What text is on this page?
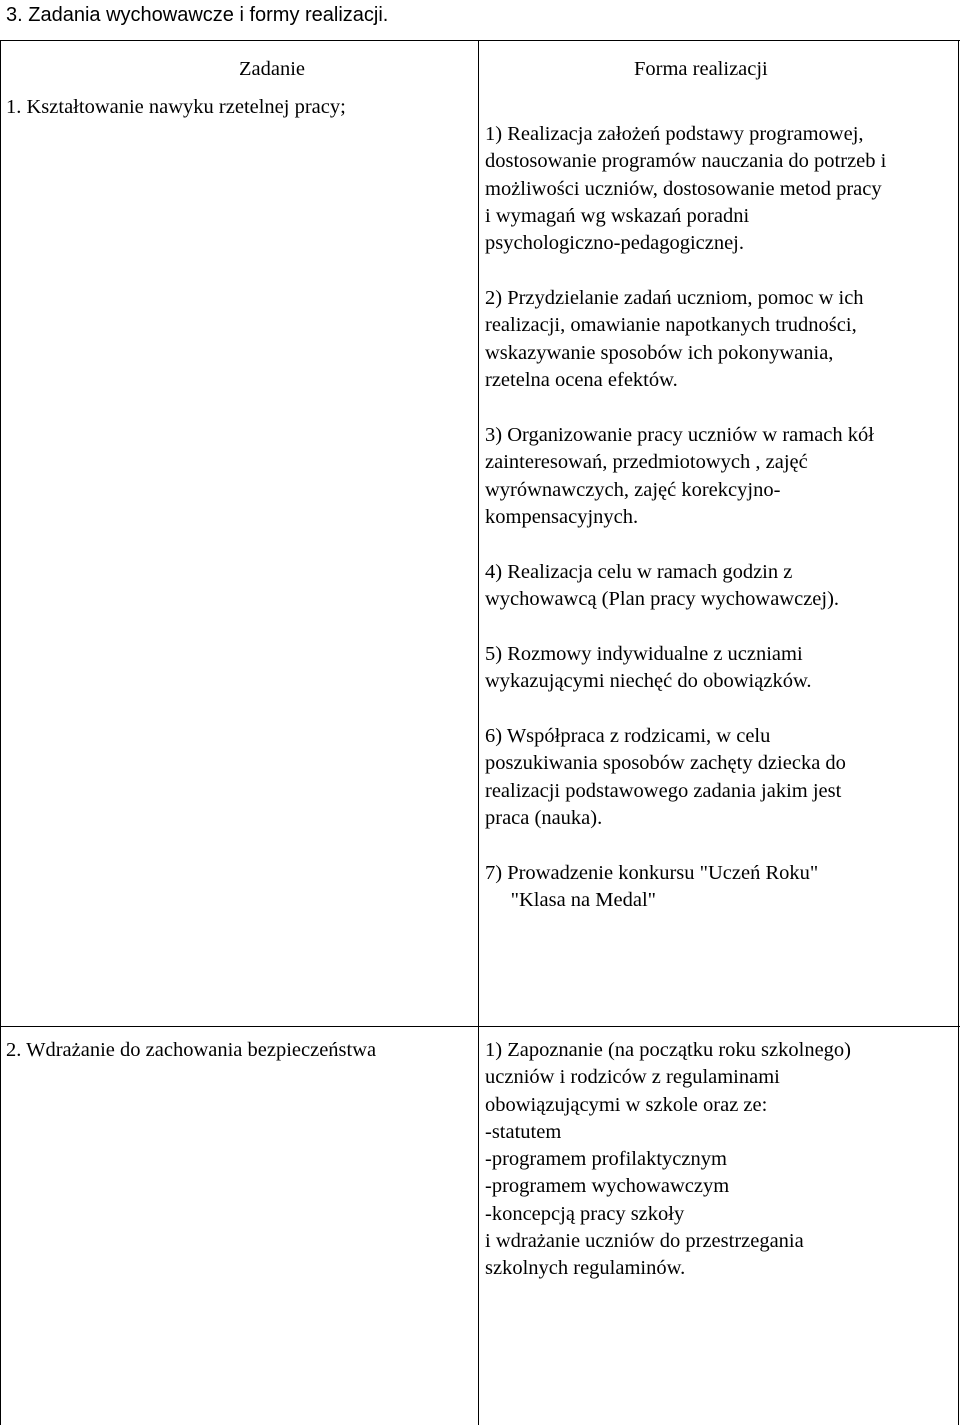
3. Zadania wychowawcze i formy realizacji.
Zadanie	Forma realizacji
1. Kształtowanie nawyku rzetelnej pracy;
1) Realizacja założeń podstawy programowej,
dostosowanie programów nauczania do potrzeb i
możliwości uczniów, dostosowanie metod pracy
i wymagań wg wskazań poradni
psychologiczno-pedagogicznej.
2) Przydzielanie zadań uczniom, pomoc w ich
realizacji, omawianie napotkanych trudności,
wskazywanie sposobów ich pokonywania,
rzetelna ocena efektów.
3) Organizowanie pracy uczniów w ramach kół
zainteresowań, przedmiotowych , zajęć
wyrównawczych, zajęć korekcyjno-
kompensacyjnych.
4) Realizacja celu w ramach godzin z
wychowawcą (Plan pracy wychowawczej).
5) Rozmowy indywidualne z uczniami
wykazującymi niechęć do obowiązków.
6) Współpraca z rodzicami, w celu
poszukiwania sposobów zachęty dziecka do
realizacji podstawowego zadania jakim jest
praca (nauka).
7) Prowadzenie konkursu "Uczeń Roku"
"Klasa na Medal"
2. Wdrażanie do zachowania bezpieczeństwa	1) Zapoznanie (na początku roku szkolnego)
uczniów i rodziców z regulaminami
obowiązującymi w szkole oraz ze:
-statutem
-programem profilaktycznym
-programem wychowawczym
-koncepcją pracy szkoły
i wdrażanie uczniów do przestrzegania
szkolnych regulaminów.
